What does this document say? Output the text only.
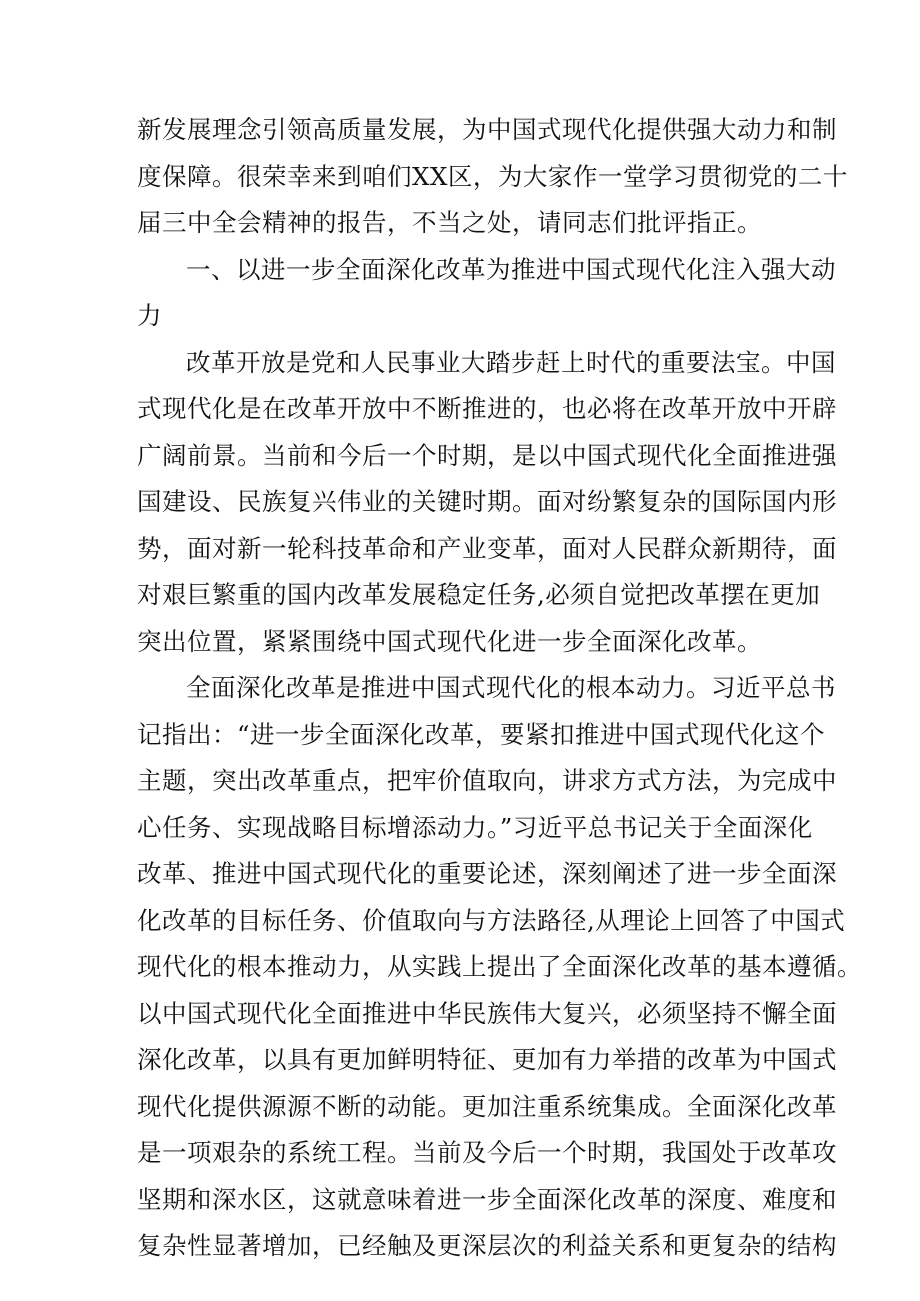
新发展理念引领高质量发展，为中国式现代化提供强大动力和制
度保障。很荣幸来到咱们XX区，为大家作一堂学习贯彻党的二十
届三中全会精神的报告，不当之处，请同志们批评指正。
一、以进一步全面深化改革为推进中国式现代化注入强大动
力
改革开放是党和人民事业大踏步赶上时代的重要法宝。中国
式现代化是在改革开放中不断推进的，也必将在改革开放中开辟
广阔前景。当前和今后一个时期，是以中国式现代化全面推进强
国建设、民族复兴伟业的关键时期。面对纷繁复杂的国际国内形
势，面对新一轮科技革命和产业变革，面对人民群众新期待，面
对艰巨繁重的国内改革发展稳定任务,必须自觉把改革摆在更加
突出位置，紧紧围绕中国式现代化进一步全面深化改革。
全面深化改革是推进中国式现代化的根本动力。习近平总书
记指出：“进一步全面深化改革，要紧扣推进中国式现代化这个
主题，突出改革重点，把牢价值取向，讲求方式方法，为完成中
心任务、实现战略目标增添动力。”习近平总书记关于全面深化
改革、推进中国式现代化的重要论述，深刻阐述了进一步全面深
化改革的目标任务、价值取向与方法路径,从理论上回答了中国式
现代化的根本推动力，从实践上提出了全面深化改革的基本遵循。
以中国式现代化全面推进中华民族伟大复兴，必须坚持不懈全面
深化改革，以具有更加鲜明特征、更加有力举措的改革为中国式
现代化提供源源不断的动能。更加注重系统集成。全面深化改革
是一项艰杂的系统工程。当前及今后一个时期，我国处于改革攻
坚期和深水区，这就意味着进一步全面深化改革的深度、难度和
复杂性显著增加，已经触及更深层次的利益关系和更复杂的结构
